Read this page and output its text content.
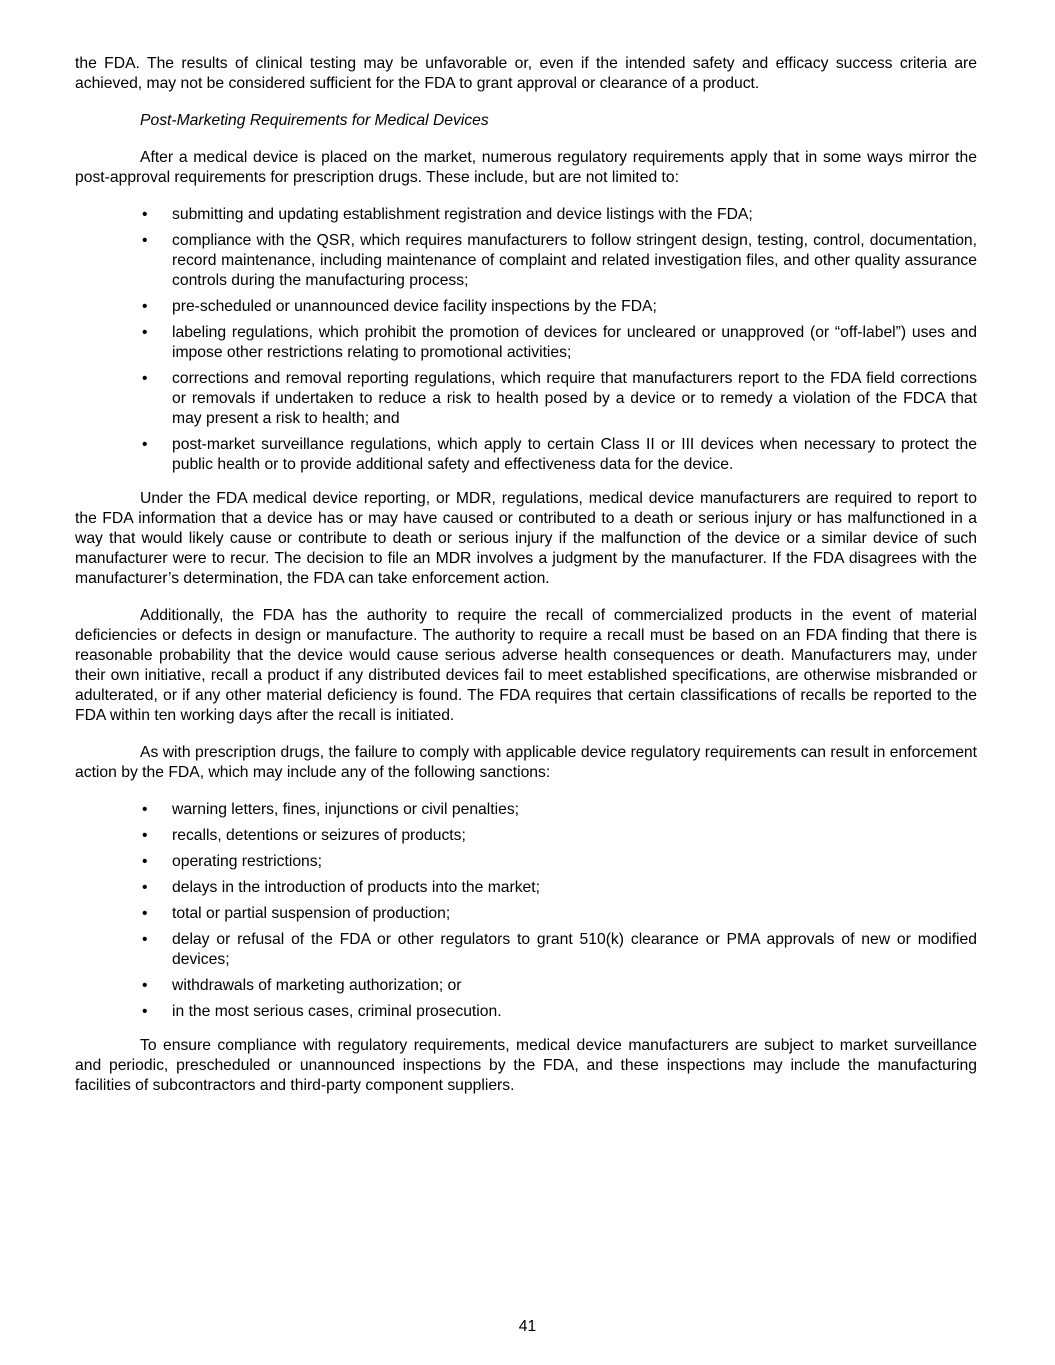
the FDA. The results of clinical testing may be unfavorable or, even if the intended safety and efficacy success criteria are achieved, may not be considered sufficient for the FDA to grant approval or clearance of a product.

Post-Marketing Requirements for Medical Devices

After a medical device is placed on the market, numerous regulatory requirements apply that in some ways mirror the post-approval requirements for prescription drugs. These include, but are not limited to:

• submitting and updating establishment registration and device listings with the FDA;
• compliance with the QSR, which requires manufacturers to follow stringent design, testing, control, documentation, record maintenance, including maintenance of complaint and related investigation files, and other quality assurance controls during the manufacturing process;
• pre-scheduled or unannounced device facility inspections by the FDA;
• labeling regulations, which prohibit the promotion of devices for uncleared or unapproved (or “off-label”) uses and impose other restrictions relating to promotional activities;
• corrections and removal reporting regulations, which require that manufacturers report to the FDA field corrections or removals if undertaken to reduce a risk to health posed by a device or to remedy a violation of the FDCA that may present a risk to health; and
• post-market surveillance regulations, which apply to certain Class II or III devices when necessary to protect the public health or to provide additional safety and effectiveness data for the device.

Under the FDA medical device reporting, or MDR, regulations, medical device manufacturers are required to report to the FDA information that a device has or may have caused or contributed to a death or serious injury or has malfunctioned in a way that would likely cause or contribute to death or serious injury if the malfunction of the device or a similar device of such manufacturer were to recur. The decision to file an MDR involves a judgment by the manufacturer. If the FDA disagrees with the manufacturer’s determination, the FDA can take enforcement action.

Additionally, the FDA has the authority to require the recall of commercialized products in the event of material deficiencies or defects in design or manufacture. The authority to require a recall must be based on an FDA finding that there is reasonable probability that the device would cause serious adverse health consequences or death. Manufacturers may, under their own initiative, recall a product if any distributed devices fail to meet established specifications, are otherwise misbranded or adulterated, or if any other material deficiency is found. The FDA requires that certain classifications of recalls be reported to the FDA within ten working days after the recall is initiated.

As with prescription drugs, the failure to comply with applicable device regulatory requirements can result in enforcement action by the FDA, which may include any of the following sanctions:

• warning letters, fines, injunctions or civil penalties;
• recalls, detentions or seizures of products;
• operating restrictions;
• delays in the introduction of products into the market;
• total or partial suspension of production;
• delay or refusal of the FDA or other regulators to grant 510(k) clearance or PMA approvals of new or modified devices;
• withdrawals of marketing authorization; or
• in the most serious cases, criminal prosecution.

To ensure compliance with regulatory requirements, medical device manufacturers are subject to market surveillance and periodic, prescheduled or unannounced inspections by the FDA, and these inspections may include the manufacturing facilities of subcontractors and third-party component suppliers.

41
